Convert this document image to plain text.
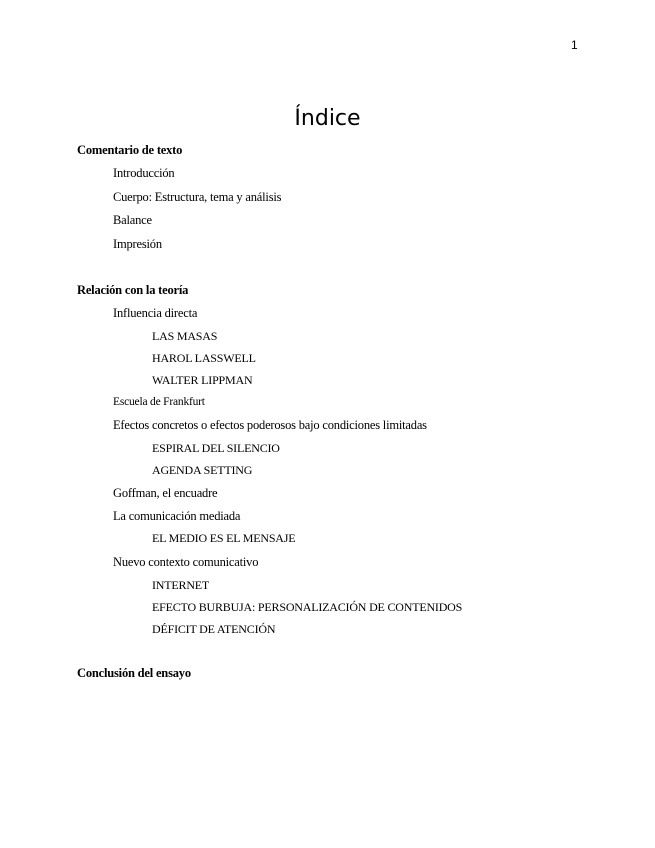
1
Índice
Comentario de texto
Introducción
Cuerpo: Estructura, tema y análisis
Balance
Impresión
Relación con la teoría
Influencia directa
LAS MASAS
HAROL LASSWELL
WALTER LIPPMAN
Escuela de Frankfurt
Efectos concretos o efectos poderosos bajo condiciones limitadas
ESPIRAL DEL SILENCIO
AGENDA SETTING
Goffman, el encuadre
La comunicación mediada
EL MEDIO ES EL MENSAJE
Nuevo contexto comunicativo
INTERNET
EFECTO BURBUJA: PERSONALIZACIÓN DE CONTENIDOS
DÉFICIT DE ATENCIÓN
Conclusión del ensayo
